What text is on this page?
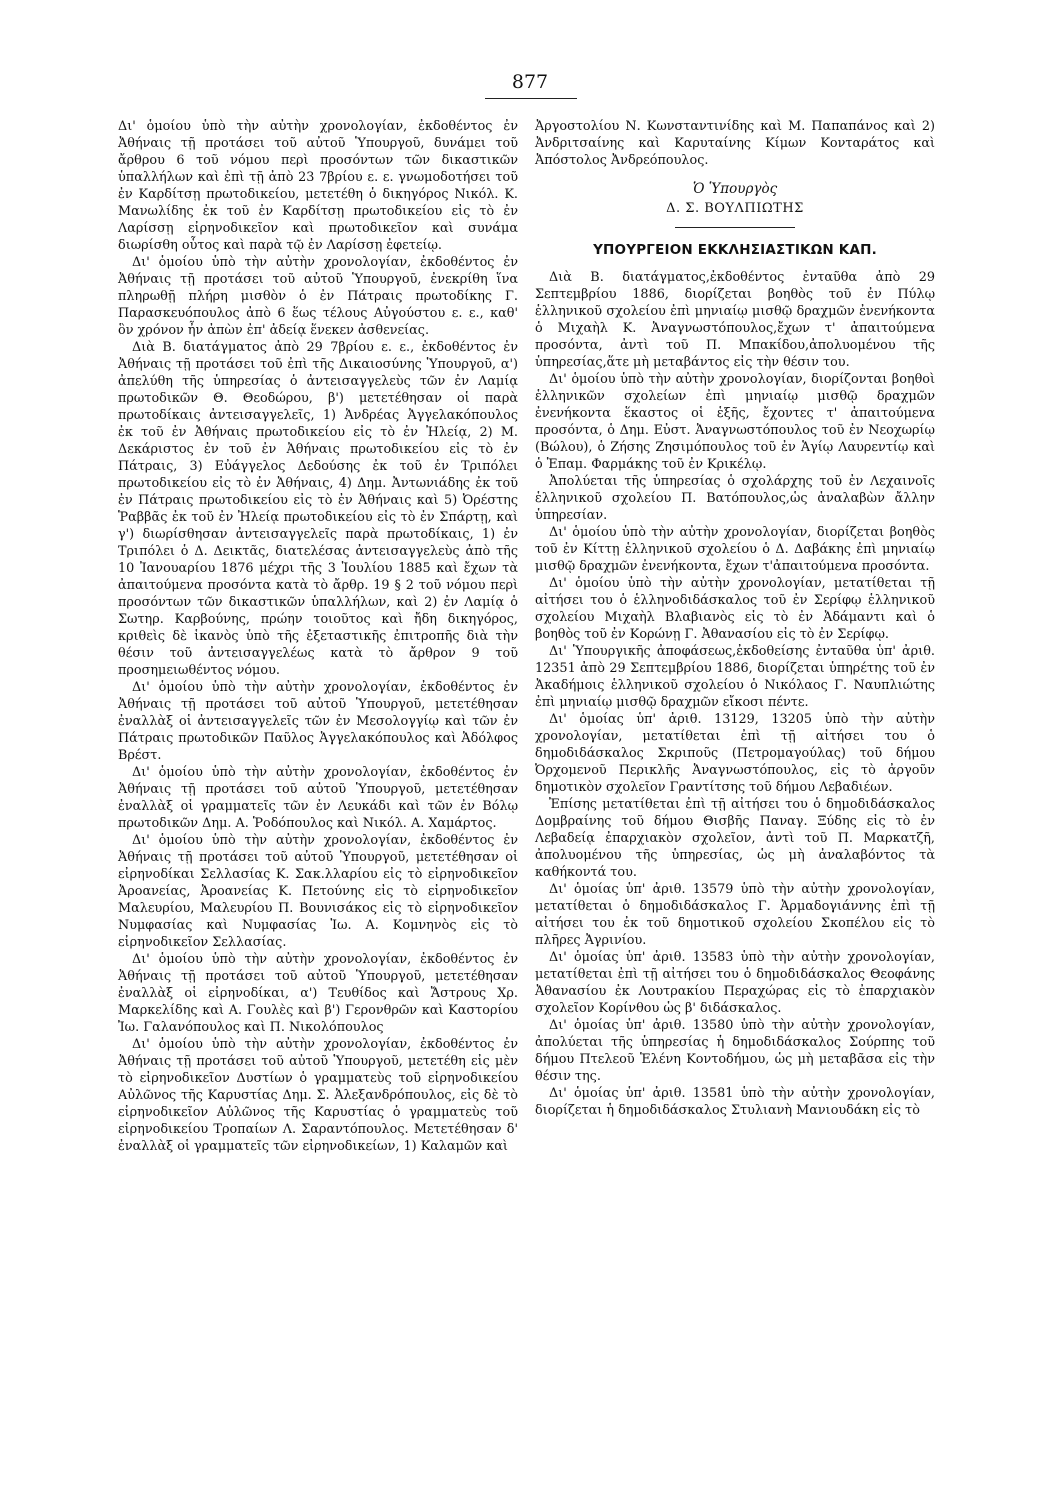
877

Δι' ὁμοίου ὑπὸ τὴν αὐτὴν χρονολογίαν, ἐκδοθέντος ἐν Ἀθήναις τῇ προτάσει τοῦ αὐτοῦ Ὑπουργοῦ, δυνάμει τοῦ ἄρθρου 6 τοῦ νόμου περὶ προσόντων τῶν δικαστικῶν ὑπαλλήλων καὶ ἐπὶ τῇ ἀπὸ 23 7βρίου ε. ε. γνωμοδοτήσει τοῦ ἐν Καρδίτσῃ πρωτοδικείου, μετετέθη ὁ δικηγόρος Νικόλ. Κ. Μανωλίδης ἐκ τοῦ ἐν Καρδίτσῃ πρωτοδικείου εἰς τὸ ἐν Λαρίσσῃ εἰρηνοδικεῖον καὶ πρωτοδικεῖον καὶ συνάμα διωρίσθη οὗτος καὶ παρὰ τῷ ἐν Λαρίσσῃ ἐφετείῳ.

Δι' ὁμοίου ὑπὸ τὴν αὐτὴν χρονολογίαν, ἐκδοθέντος ἐν Ἀθήναις τῇ προτάσει τοῦ αὐτοῦ Ὑπουργοῦ, ἐνεκρίθη ἵνα πληρωθῇ πλήρη μισθὸν ὁ ἐν Πάτραις πρωτοδίκης Γ. Παρασκευόπουλος ἀπὸ 6 ἕως τέλους Αὐγούστου ε. ε., καθ' ὃν χρόνον ἦν ἀπὼν ἐπ' ἀδείᾳ ἕνεκεν ἀσθενείας.

Διὰ Β. διατάγματος ἀπὸ 29 7βρίου ε. ε., ἐκδοθέντος ἐν Ἀθήναις τῇ προτάσει τοῦ ἐπὶ τῆς Δικαιοσύνης Ὑπουργοῦ, α') ἀπελύθη τῆς ὑπηρεσίας ὁ ἀντεισαγγελεὺς τῶν ἐν Λαμίᾳ πρωτοδικῶν Θ. Θεοδώρου, β') μετετέθησαν οἱ παρὰ πρωτοδίκαις ἀντεισαγγελεῖς, 1) Ἀνδρέας Ἀγγελακόπουλος ἐκ τοῦ ἐν Ἀθήναις πρωτοδικείου εἰς τὸ ἐν Ἠλείᾳ, 2) Μ. Δεκάριστος ἐν τοῦ ἐν Ἀθήναις πρωτοδικείου εἰς τὸ ἐν Πάτραις, 3) Εὐάγγελος Δεδούσης ἐκ τοῦ ἐν Τριπόλει πρωτοδικείου εἰς τὸ ἐν Ἀθήναις, 4) Δημ. Ἀντωνιάδης ἐκ τοῦ ἐν Πάτραις πρωτοδικείου εἰς τὸ ἐν Ἀθήναις καὶ 5) Ὀρέστης Ῥαββᾶς ἐκ τοῦ ἐν Ἠλείᾳ πρωτοδικείου εἰς τὸ ἐν Σπάρτῃ, καὶ γ') διωρίσθησαν ἀντεισαγγελεῖς παρὰ πρωτοδίκαις, 1) ἐν Τριπόλει ὁ Δ. Δεικτᾶς, διατελέσας ἀντεισαγγελεὺς ἀπὸ τῆς 10 Ἰανουαρίου 1876 μέχρι τῆς 3 Ἰουλίου 1885 καὶ ἔχων τὰ ἀπαιτούμενα προσόντα κατὰ τὸ ἄρθρ. 19 § 2 τοῦ νόμου περὶ προσόντων τῶν δικαστικῶν ὑπαλλήλων, καὶ 2) ἐν Λαμίᾳ ὁ Σωτηρ. Καρβούνης, πρώην τοιοῦτος καὶ ἤδη δικηγόρος, κριθεὶς δὲ ἱκανὸς ὑπὸ τῆς ἐξεταστικῆς ἐπιτροπῆς διὰ τὴν θέσιν τοῦ ἀντεισαγγελέως κατὰ τὸ ἄρθρον 9 τοῦ προσημειωθέντος νόμου.

Δι' ὁμοίου ὑπὸ τὴν αὐτὴν χρονολογίαν, ἐκδοθέντος ἐν Ἀθήναις τῇ προτάσει τοῦ αὐτοῦ Ὑπουργοῦ, μετετέθησαν ἐναλλὰξ οἱ ἀντεισαγγελεῖς τῶν ἐν Μεσολογγίῳ καὶ τῶν ἐν Πάτραις πρωτοδικῶν Παῦλος Ἀγγελακόπουλος καὶ Ἀδόλφος Βρέστ.

Δι' ὁμοίου ὑπὸ τὴν αὐτὴν χρονολογίαν, ἐκδοθέντος ἐν Ἀθήναις τῇ προτάσει τοῦ αὐτοῦ Ὑπουργοῦ, μετετέθησαν ἐναλλὰξ οἱ γραμματεῖς τῶν ἐν Λευκάδι καὶ τῶν ἐν Βόλῳ πρωτοδικῶν Δημ. Α. Ῥοδόπουλος καὶ Νικόλ. Α. Χαμάρτος.

Δι' ὁμοίου ὑπὸ τὴν αὐτὴν χρονολογίαν, ἐκδοθέντος ἐν Ἀθήναις τῇ προτάσει τοῦ αὐτοῦ Ὑπουργοῦ, μετετέθησαν οἱ εἰρηνοδίκαι Σελλασίας Κ. Σακ.λλαρίου εἰς τὸ εἰρηνοδικεῖον Ἀροανείας, Ἀροανείας Κ. Πετούνης εἰς τὸ εἰρηνοδικεῖον Μαλευρίου, Μαλευρίου Π. Βουνισάκος εἰς τὸ εἰρηνοδικεῖον Νυμφασίας καὶ Νυμφασίας Ἰω. Α. Κομνηνὸς εἰς τὸ εἰρηνοδικεῖον Σελλασίας.

Δι' ὁμοίου ὑπὸ τὴν αὐτὴν χρονολογίαν, ἐκδοθέντος ἐν Ἀθήναις τῇ προτάσει τοῦ αὐτοῦ Ὑπουργοῦ, μετετέθησαν ἐναλλὰξ οἱ εἰρηνοδίκαι, α') Τευθίδος καὶ Ἄστρους Χρ. Μαρκελίδης καὶ Α. Γουλὲς καὶ β') Γερονθρῶν καὶ Καστορίου Ἰω. Γαλανόπουλος καὶ Π. Νικολόπουλος

Δι' ὁμοίου ὑπὸ τὴν αὐτὴν χρονολογίαν, ἐκδοθέντος ἐν Ἀθήναις τῇ προτάσει τοῦ αὐτοῦ Ὑπουργοῦ, μετετέθη εἰς μὲν τὸ εἰρηνοδικεῖον Δυστίων ὁ γραμματεὺς τοῦ εἰρηνοδικείου Αὐλῶνος τῆς Καρυστίας Δημ. Σ. Ἀλεξανδρόπουλος, εἰς δὲ τὸ εἰρηνοδικεῖον Αὐλῶνος τῆς Καρυστίας ὁ γραμματεὺς τοῦ εἰρηνοδικείου Τροπαίων Λ. Σαραντόπουλος. Μετετέθησαν δ' ἐναλλὰξ οἱ γραμματεῖς τῶν εἰρηνοδικείων, 1) Καλαμῶν καὶ

Ἀργοστολίου Ν. Κωνσταντινίδης καὶ Μ. Παπαπάνος καὶ 2) Ἀνδριτσαίνης καὶ Καρυταίνης Κίμων Κονταράτος καὶ Ἀπόστολος Ἀνδρεόπουλος.

Ὁ Ὑπουργὸς
Δ. Σ. ΒΟΥΛΠΙΩΤΗΣ
ΥΠΟΥΡΓΕΙΟΝ ΕΚΚΛΗΣΙΑΣΤΙΚΩΝ ΚΑΠ.

Διὰ Β. διατάγματος,ἐκδοθέντος ἐνταῦθα ἀπὸ 29 Σεπτεμβρίου 1886, διορίζεται βοηθὸς τοῦ ἐν Πύλῳ ἑλληνικοῦ σχολείου ἐπὶ μηνιαίῳ μισθῷ δραχμῶν ἐνενήκοντα ὁ Μιχαὴλ Κ. Ἀναγνωστόπουλος,ἔχων τ' ἀπαιτούμενα προσόντα, ἀντὶ τοῦ Π. Μπακίδου,ἀπολυομένου τῆς ὑπηρεσίας,ἅτε μὴ μεταβάντος εἰς τὴν θέσιν του.

Δι' ὁμοίου ὑπὸ τὴν αὐτὴν χρονολογίαν, διορίζονται βοηθοὶ ἑλληνικῶν σχολείων ἐπὶ μηνιαίῳ μισθῷ δραχμῶν ἐνενήκοντα ἕκαστος οἱ ἑξῆς, ἔχοντες τ' ἀπαιτούμενα προσόντα, ὁ Δημ. Εὐστ. Ἀναγνωστόπουλος τοῦ ἐν Νεοχωρίῳ (Βώλου), ὁ Ζήσης Ζησιμόπουλος τοῦ ἐν Ἁγίῳ Λαυρεντίῳ καὶ ὁ Ἐπαμ. Φαρμάκης τοῦ ἐν Κρικέλῳ.

Ἀπολύεται τῆς ὑπηρεσίας ὁ σχολάρχης τοῦ ἐν Λεχαινοῖς ἑλληνικοῦ σχολείου Π. Βατόπουλος,ὡς ἀναλαβὼν ἄλλην ὑπηρεσίαν.

Δι' ὁμοίου ὑπὸ τὴν αὐτὴν χρονολογίαν, διορίζεται βοηθὸς τοῦ ἐν Κίττῃ ἑλληνικοῦ σχολείου ὁ Δ. Δαβάκης ἐπὶ μηνιαίῳ μισθῷ δραχμῶν ἐνενήκοντα, ἔχων τ'ἀπαιτούμενα προσόντα.

Δι' ὁμοίου ὑπὸ τὴν αὐτὴν χρονολογίαν, μετατίθεται τῇ αἰτήσει του ὁ ἑλληνοδιδάσκαλος τοῦ ἐν Σερίφῳ ἑλληνικοῦ σχολείου Μιχαὴλ Βλαβιανὸς εἰς τὸ ἐν Ἀδάμαντι καὶ ὁ βοηθὸς τοῦ ἐν Κορώνῃ Γ. Ἀθανασίου εἰς τὸ ἐν Σερίφῳ.

Δι' Ὑπουργικῆς ἀποφάσεως,ἐκδοθείσης ἐνταῦθα ὑπ' ἀριθ. 12351 ἀπὸ 29 Σεπτεμβρίου 1886, διορίζεται ὑπηρέτης τοῦ ἐν Ἀκαδήμοις ἑλληνικοῦ σχολείου ὁ Νικόλαος Γ. Ναυπλιώτης ἐπὶ μηνιαίῳ μισθῷ δραχμῶν εἴκοσι πέντε.

Δι' ὁμοίας ὑπ' ἀριθ. 13129, 13205 ὑπὸ τὴν αὐτὴν χρονολογίαν, μετατίθεται ἐπὶ τῇ αἰτήσει του ὁ δημοδιδάσκαλος Σκριποῦς (Πετρομαγούλας) τοῦ δήμου Ὀρχομενοῦ Περικλῆς Ἀναγνωστόπουλος, εἰς τὸ ἀργοῦν δημοτικὸν σχολεῖον Γραντίτσης τοῦ δήμου Λεβαδιέων.

Ἐπίσης μετατίθεται ἐπὶ τῇ αἰτήσει του ὁ δημοδιδάσκαλος Δομβραίνης τοῦ δήμου Θισβῆς Παναγ. Ξύδης εἰς τὸ ἐν Λεβαδείᾳ ἐπαρχιακὸν σχολεῖον, ἀντὶ τοῦ Π. Μαρκατζῆ, ἀπολυομένου τῆς ὑπηρεσίας, ὡς μὴ ἀναλαβόντος τὰ καθήκοντά του.

Δι' ὁμοίας ὑπ' ἀριθ. 13579 ὑπὸ τὴν αὐτὴν χρονολογίαν, μετατίθεται ὁ δημοδιδάσκαλος Γ. Ἀρμαδογιάννης ἐπὶ τῇ αἰτήσει του ἐκ τοῦ δημοτικοῦ σχολείου Σκοπέλου εἰς τὸ πλῆρες Ἀγρινίου.

Δι' ὁμοίας ὑπ' ἀριθ. 13583 ὑπὸ τὴν αὐτὴν χρονολογίαν, μετατίθεται ἐπὶ τῇ αἰτήσει του ὁ δημοδιδάσκαλος Θεοφάνης Ἀθανασίου ἐκ Λουτρακίου Περαχώρας εἰς τὸ ἐπαρχιακὸν σχολεῖον Κορίνθου ὡς β' διδάσκαλος.

Δι' ὁμοίας ὑπ' ἀριθ. 13580 ὑπὸ τὴν αὐτὴν χρονολογίαν, ἀπολύεται τῆς ὑπηρεσίας ἡ δημοδιδάσκαλος Σούρπης τοῦ δήμου Πτελεοῦ Ἑλένη Κοντοδήμου, ὡς μὴ μεταβᾶσα εἰς τὴν θέσιν της.

Δι' ὁμοίας ὑπ' ἀριθ. 13581 ὑπὸ τὴν αὐτὴν χρονολογίαν, διορίζεται ἡ δημοδιδάσκαλος Στυλιανὴ Μανιουδάκη εἰς τὸ
